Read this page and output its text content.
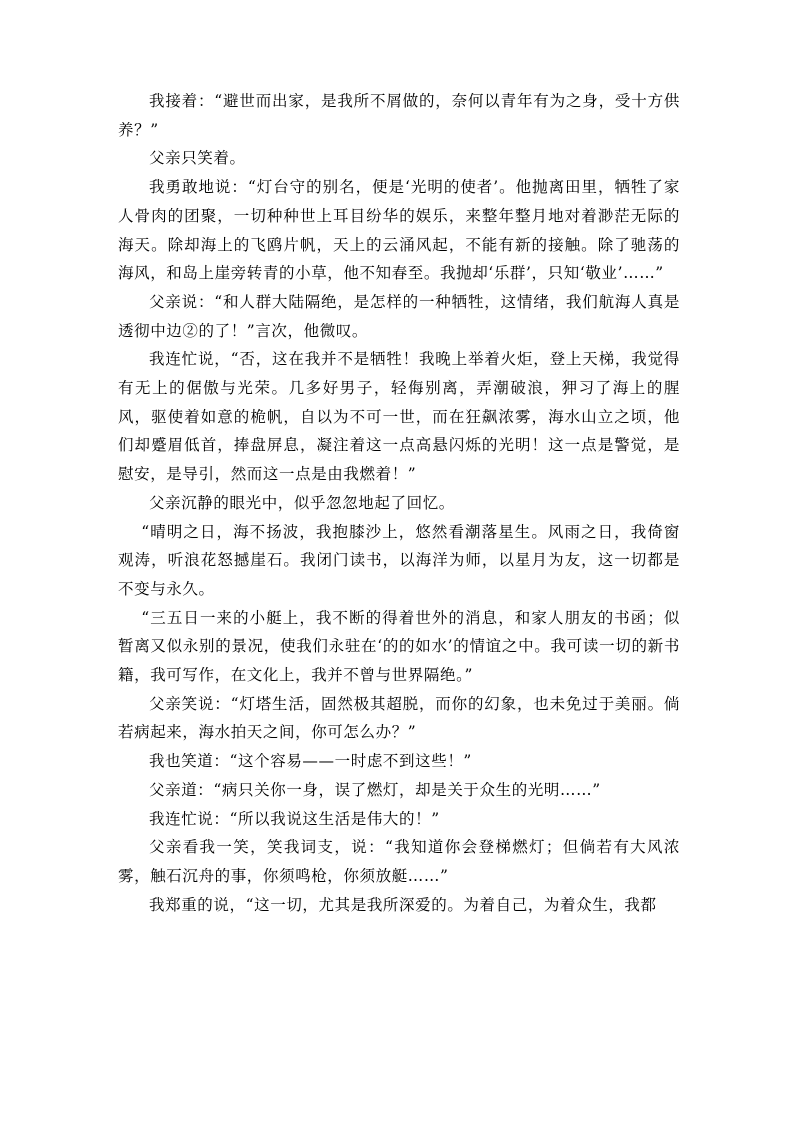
我接着：“避世而出家，是我所不屑做的，奈何以青年有为之身，受十方供养？”

父亲只笑着。

我勇敢地说：“灯台守的别名，便是‘光明的使者’。他抛离田里，牺牲了家人骨肉的团聚，一切种种世上耳目纷华的娱乐，来整年整月地对着渺茫无际的海天。除却海上的飞鸥片帆，天上的云涌风起，不能有新的接触。除了驰荡的海风，和岛上崖旁转青的小草，他不知春至。我抛却‘乐群’，只知‘敬业’……”

父亲说：“和人群大陆隔绝，是怎样的一种牺牲，这情绪，我们航海人真是透彻中边②的了！”言次，他微叹。

我连忙说，“否，这在我并不是牺牲！我晚上举着火炬，登上天梯，我觉得有无上的倨傲与光荣。几多好男子，轻侮别离，弄潮破浪，狎习了海上的腥风，驱使着如意的桅帆，自以为不可一世，而在狂飙浓雾，海水山立之顷，他们却蹙眉低首，捧盘屏息，凝注着这一点高悬闪烁的光明！这一点是警觉，是慰安，是导引，然而这一点是由我燃着！”

父亲沉静的眼光中，似乎忽忽地起了回忆。

“晴明之日，海不扬波，我抱膝沙上，悠然看潮落星生。风雨之日，我倚窗观涛，听浪花怒撼崖石。我闭门读书，以海洋为师，以星月为友，这一切都是不变与永久。

“三五日一来的小艇上，我不断的得着世外的消息，和家人朋友的书函；似暂离又似永别的景况，使我们永驻在‘的的如水’的情谊之中。我可读一切的新书籍，我可写作，在文化上，我并不曾与世界隔绝。”

父亲笑说：“灯塔生活，固然极其超脱，而你的幻象，也未免过于美丽。倘若病起来，海水拍天之间，你可怎么办？”

我也笑道：“这个容易——一时虑不到这些！”

父亲道：“病只关你一身，误了燃灯，却是关于众生的光明……”

我连忙说：“所以我说这生活是伟大的！”

父亲看我一笑，笑我词支，说：“我知道你会登梯燃灯；但倘若有大风浓雾，触石沉舟的事，你须鸣枪，你须放艇……”

我郑重的说，“这一切，尤其是我所深爱的。为着自己，为着众生，我都
